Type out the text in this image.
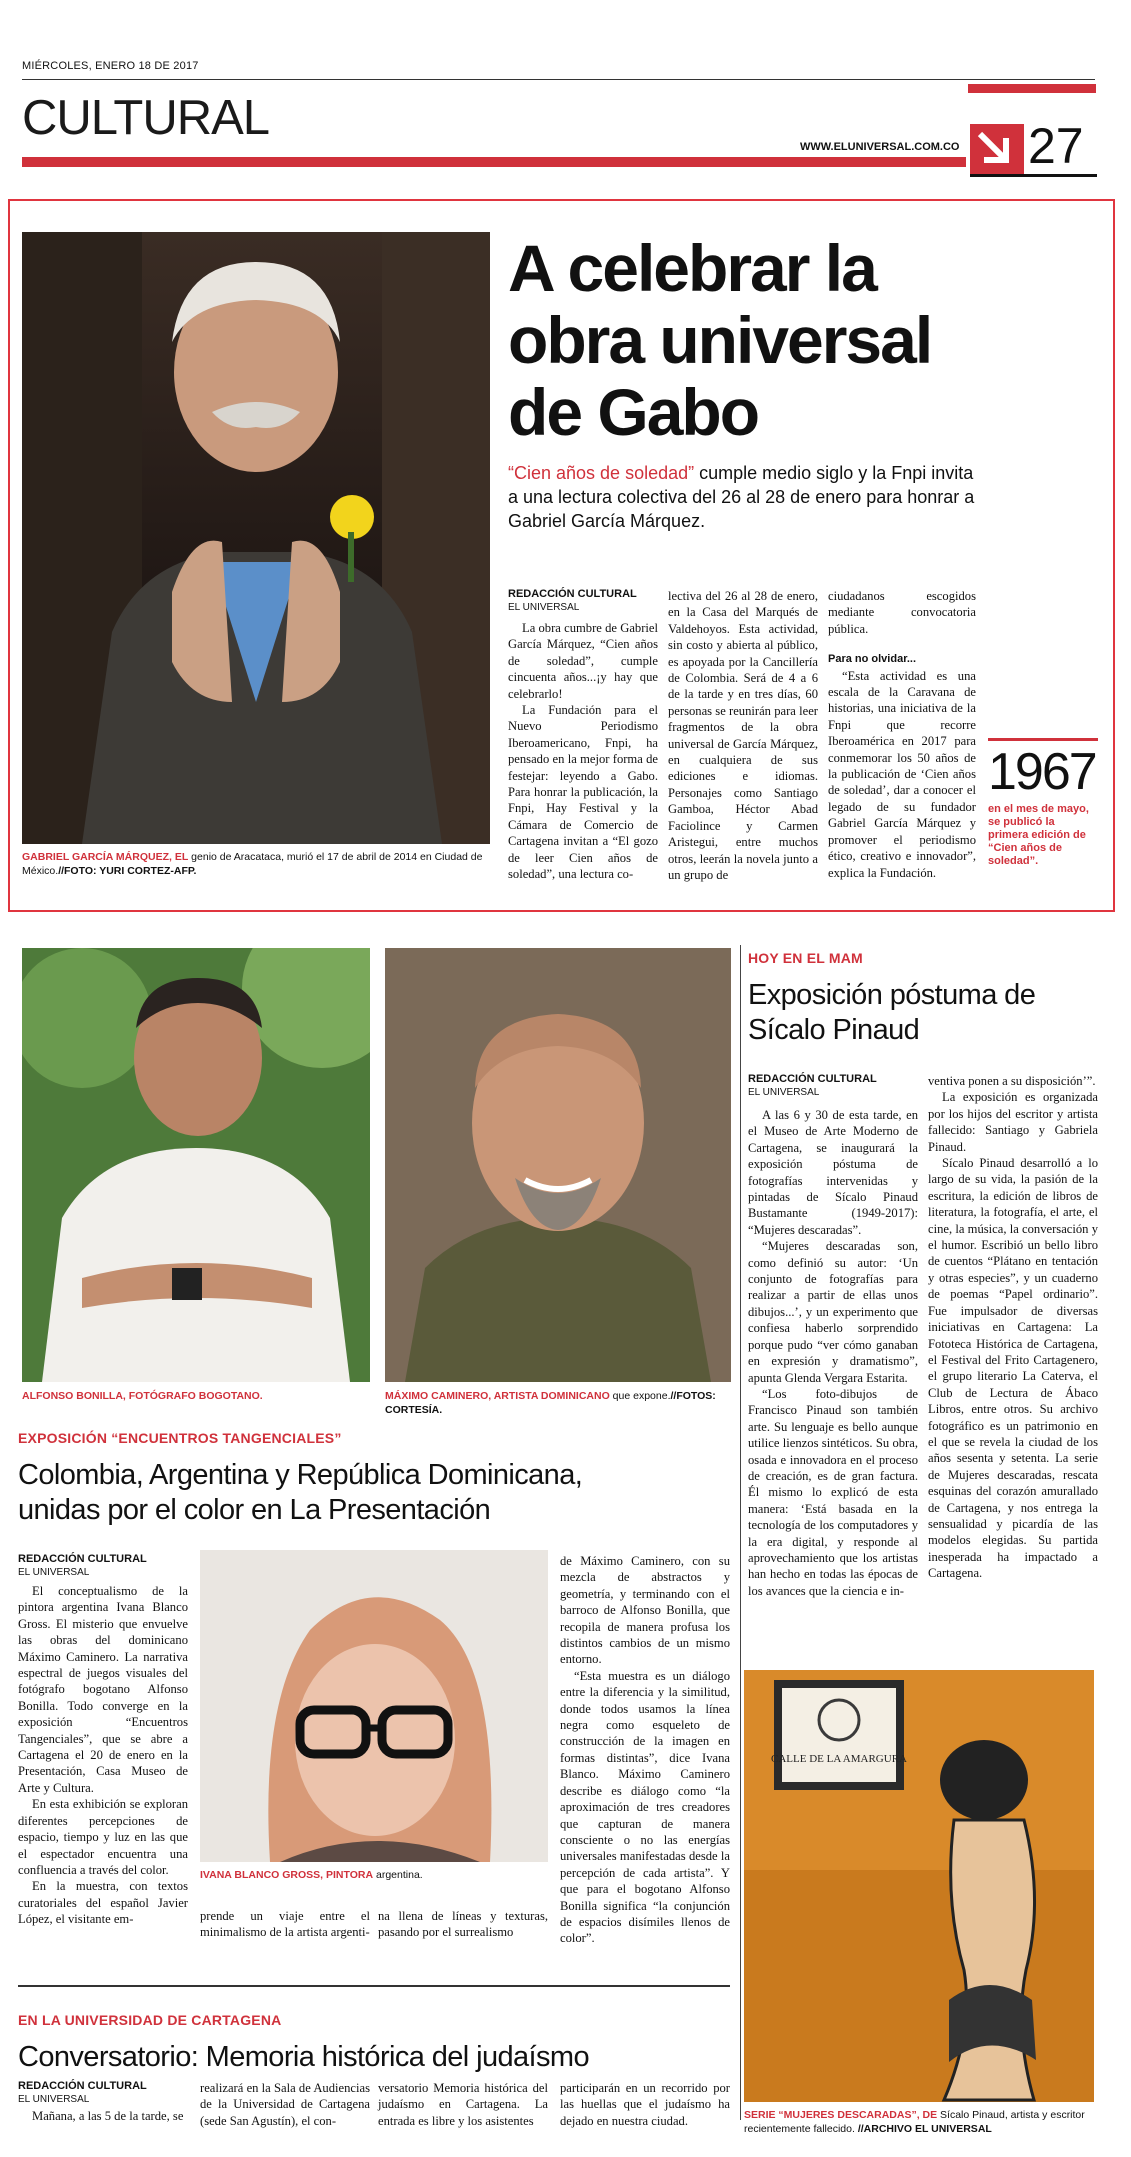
MIÉRCOLES, ENERO 18 DE 2017
CULTURAL
WWW.ELUNIVERSAL.COM.CO 27
GABRIEL GARCÍA MÁRQUEZ, EL genio de Aracataca, murió el 17 de abril de 2014 en Ciudad de México.//FOTO: YURI CORTEZ-AFP.
A celebrar la obra universal de Gabo
“Cien años de soledad” cumple medio siglo y la Fnpi invita a una lectura colectiva del 26 al 28 de enero para honrar a Gabriel García Márquez.
REDACCIÓN CULTURAL
EL UNIVERSAL

La obra cumbre de Gabriel García Márquez, “Cien años de soledad”, cumple cincuenta años...¡y hay que celebrarlo!

La Fundación para el Nuevo Periodismo Iberoamericano, Fnpi, ha pensado en la mejor forma de festejar: leyendo a Gabo. Para honrar la publicación, la Fnpi, Hay Festival y la Cámara de Comercio de Cartagena invitan a “El gozo de leer Cien años de soledad”, una lectura co-

lectiva del 26 al 28 de enero, en la Casa del Marqués de Valdehoyos. Esta actividad, sin costo y abierta al público, es apoyada por la Cancillería de Colombia. Será de 4 a 6 de la tarde y en tres días, 60 personas se reunirán para leer fragmentos de la obra universal de García Márquez, en cualquiera de sus ediciones e idiomas. Personajes como Santiago Gamboa, Héctor Abad Faciolince y Carmen Aristegui, entre muchos otros, leerán la novela junto a un grupo de

ciudadanos escogidos mediante convocatoria pública.

Para no olvidar...

“Esta actividad es una escala de la Caravana de historias, una iniciativa de la Fnpi que recorre Iberoamérica en 2017 para conmemorar los 50 años de la publicación de ‘Cien años de soledad’, dar a conocer el legado de su fundador Gabriel García Márquez y promover el periodismo ético, creativo e innovador”, explica la Fundación.

1967
en el mes de mayo, se publicó la primera edición de “Cien años de soledad”.
ALFONSO BONILLA, FOTÓGRAFO BOGOTANO.	MÁXIMO CAMINERO, ARTISTA DOMINICANO que expone.//FOTOS: CORTESÍA.
EXPOSICIÓN “ENCUENTROS TANGENCIALES”
Colombia, Argentina y República Dominicana, unidas por el color en La Presentación
REDACCIÓN CULTURAL
EL UNIVERSAL

El conceptualismo de la pintora argentina Ivana Blanco Gross. El misterio que envuelve las obras del dominicano Máximo Caminero. La narrativa espectral de juegos visuales del fotógrafo bogotano Alfonso Bonilla. Todo converge en la exposición “Encuentros Tangenciales”, que se abre a Cartagena el 20 de enero en la Presentación, Casa Museo de Arte y Cultura.

En esta exhibición se exploran diferentes percepciones de espacio, tiempo y luz en las que el espectador encuentra una confluencia a través del color.

En la muestra, con textos curatoriales del español Javier López, el visitante em-

IVANA BLANCO GROSS, PINTORA argentina.

prende un viaje entre el minimalismo de la artista argenti-

na llena de líneas y texturas, pasando por el surrealismo

de Máximo Caminero, con su mezcla de abstractos y geometría, y terminando con el barroco de Alfonso Bonilla, que recopila de manera profusa los distintos cambios de un mismo entorno.

“Esta muestra es un diálogo entre la diferencia y la similitud, donde todos usamos la línea negra como esqueleto de construcción de la imagen en formas distintas”, dice Ivana Blanco. Máximo Caminero describe es diálogo como “la aproximación de tres creadores que capturan de manera consciente o no las energías universales manifestadas desde la percepción de cada artista”. Y que para el bogotano Alfonso Bonilla significa “la conjunción de espacios disímiles llenos de color”.

HOY EN EL MAM
Exposición póstuma de Sícalo Pinaud
REDACCIÓN CULTURAL
EL UNIVERSAL

A las 6 y 30 de esta tarde, en el Museo de Arte Moderno de Cartagena, se inaugurará la exposición póstuma de fotografías intervenidas y pintadas de Sícalo Pinaud Bustamante (1949-2017): “Mujeres descaradas”.

“Mujeres descaradas son, como definió su autor: ‘Un conjunto de fotografías para realizar a partir de ellas unos dibujos...’, y un experimento que confiesa haberlo sorprendido porque pudo “ver cómo ganaban en expresión y dramatismo”, apunta Glenda Vergara Estarita.

“Los foto-dibujos de Francisco Pinaud son también arte. Su lenguaje es bello aunque utilice lienzos sintéticos. Su obra, osada e innovadora en el proceso de creación, es de gran factura. Él mismo lo explicó de esta manera: ‘Está basada en la tecnología de los computadores y la era digital, y responde al aprovechamiento que los artistas han hecho en todas las épocas de los avances que la ciencia e in-

ventiva ponen a su disposición’”.

La exposición es organizada por los hijos del escritor y artista fallecido: Santiago y Gabriela Pinaud.

Sícalo Pinaud desarrolló a lo largo de su vida, la pasión de la escritura, la edición de libros de literatura, la fotografía, el arte, el cine, la música, la conversación y el humor. Escribió un bello libro de cuentos “Plátano en tentación y otras especies”, y un cuaderno de poemas “Papel ordinario”. Fue impulsador de diversas iniciativas en Cartagena: La Fototeca Histórica de Cartagena, el Festival del Frito Cartagenero, el grupo literario La Caterva, el Club de Lectura de Ábaco Libros, entre otros. Su archivo fotográfico es un patrimonio en el que se revela la ciudad de los años sesenta y setenta. La serie de Mujeres descaradas, rescata esquinas del corazón amurallado de Cartagena, y nos entrega la sensualidad y picardía de las modelos elegidas. Su partida inesperada ha impactado a Cartagena.

CALLE DE LA AMARGURA
SERIE “MUJERES DESCARADAS”, DE Sícalo Pinaud, artista y escritor recientemente fallecido. //ARCHIVO EL UNIVERSAL
EN LA UNIVERSIDAD DE CARTAGENA
Conversatorio: Memoria histórica del judaísmo
REDACCIÓN CULTURAL
EL UNIVERSAL

Mañana, a las 5 de la tarde, se

realizará en la Sala de Audiencias de la Universidad de Cartagena (sede San Agustín), el con-

versatorio Memoria histórica del judaísmo en Cartagena. La entrada es libre y los asistentes

participarán en un recorrido por las huellas que el judaísmo ha dejado en nuestra ciudad.
